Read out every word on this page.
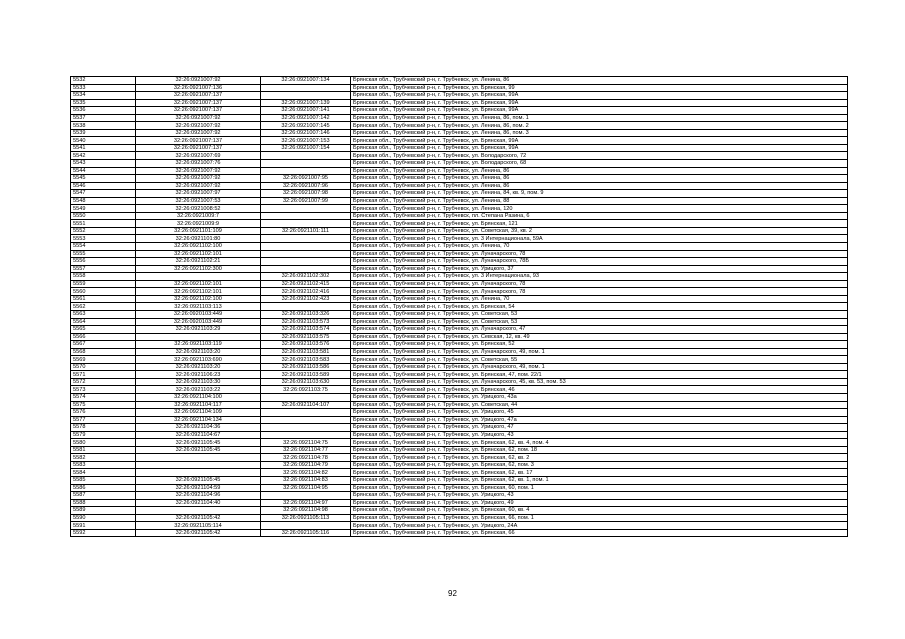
5532	32:26:0921007:92	32:26:0921007:134	Брянская обл., Трубчевский р-н, г. Трубчевск, ул. Ленина, 86
5533	32:26:0921007:136		Брянская обл., Трубчевский р-н, г. Трубчевск, ул. Брянская, 99
5534	32:26:0921007:137		Брянская обл., Трубчевский р-н, г. Трубчевск, ул. Брянская, 99А
5535	32:26:0921007:137	32:26:0921007:139	Брянская обл., Трубчевский р-н, г. Трубчевск, ул. Брянская, 99А
5536	32:26:0921007:137	32:26:0921007:141	Брянская обл., Трубчевский р-н, г. Трубчевск, ул. Брянская, 99А
5537	32:26:0921007:92	32:26:0921007:142	Брянская обл., Трубчевский р-н, г. Трубчевск, ул. Ленина, 86, пом. 1
5538	32:26:0921007:92	32:26:0921007:145	Брянская обл., Трубчевский р-н, г. Трубчевск, ул. Ленина, 86, пом. 2
5539	32:26:0921007:92	32:26:0921007:146	Брянская обл., Трубчевский р-н, г. Трубчевск, ул. Ленина, 86, пом. 3
5540	32:26:0921007:137	32:26:0921007:153	Брянская обл., Трубчевский р-н, г. Трубчевск, ул. Брянская, 99А
5541	32:26:0921007:137	32:26:0921007:154	Брянская обл., Трубчевский р-н, г. Трубчевск, ул. Брянская, 99А
5542	32:26:0921007:69		Брянская обл., Трубчевский р-н, г. Трубчевск, ул. Володарского, 72
5543	32:26:0921007:76		Брянская обл., Трубчевский р-н, г. Трубчевск, ул. Володарского, 68
5544	32:26:0921007:92		Брянская обл., Трубчевский р-н, г. Трубчевск, ул. Ленина, 86
5545	32:26:0921007:92	32:26:0921007:95	Брянская обл., Трубчевский р-н, г. Трубчевск, ул. Ленина, 86
5546	32:26:0921007:92	32:26:0921007:96	Брянская обл., Трубчевский р-н, г. Трубчевск, ул. Ленина, 86
5547	32:26:0921007:97	32:26:0921007:98	Брянская обл., Трубчевский р-н, г. Трубчевск, ул. Ленина, 84, кв. 9, пом. 9
5548	32:26:0921007:53	32:26:0921007:99	Брянская обл., Трубчевский р-н, г. Трубчевск, ул. Ленина, 88
5549	32:26:0921008:52		Брянская обл., Трубчевский р-н, г. Трубчевск, ул. Ленина, 120
5550	32:26:0921009:7		Брянская обл., Трубчевский р-н, г. Трубчевск, пл. Степана Разина, 6
5551	32:26:0921009:9		Брянская обл., Трубчевский р-н, г. Трубчевск, ул. Брянская, 121
5552	32:26:0921101:109	32:26:0921101:111	Брянская обл., Трубчевский р-н, г. Трубчевск, ул. Советская, 39, кв. 2
5553	32:26:0921101:80		Брянская обл., Трубчевский р-н, г. Трубчевск, ул. 3 Интернационала, 59А
5554	32:26:0921102:100		Брянская обл., Трубчевский р-н, г. Трубчевск, ул. Ленина, 70
5555	32:26:0921102:101		Брянская обл., Трубчевский р-н, г. Трубчевск, ул. Луначарского, 78
5556	32:26:0921102:21		Брянская обл., Трубчевский р-н, г. Трубчевск, ул. Луначарского, 78Б
5557	32:26:0921102:300		Брянская обл., Трубчевский р-н, г. Трубчевск, ул. Урицкого, 37
5558		32:26:0921102:302	Брянская обл., Трубчевский р-н, г. Трубчевск, ул. 3 Интернационала, 93
5559	32:26:0921102:101	32:26:0921102:415	Брянская обл., Трубчевский р-н, г. Трубчевск, ул. Луначарского, 78
5560	32:26:0921102:101	32:26:0921102:416	Брянская обл., Трубчевский р-н, г. Трубчевск, ул. Луначарского, 78
5561	32:26:0921102:100	32:26:0921102:423	Брянская обл., Трубчевский р-н, г. Трубчевск, ул. Ленина, 70
5562	32:26:0921103:113		Брянская обл., Трубчевский р-н, г. Трубчевск, ул. Брянская, 54
5563	32:26:0920103:449	32:26:0921103:326	Брянская обл., Трубчевский р-н, г. Трубчевск, ул. Советская, 53
5564	32:26:0920103:449	32:26:0921103:573	Брянская обл., Трубчевский р-н, г. Трубчевск, ул. Советская, 53
5565	32:26:0921103:29	32:26:0921103:574	Брянская обл., Трубчевский р-н, г. Трубчевск, ул. Луначарского, 47
5566		32:26:0921103:575	Брянская обл., Трубчевский р-н, г. Трубчевск, ул. Севская, 12, кв. 49
5567	32:26:0921103:119	32:26:0921103:576	Брянская обл., Трубчевский р-н, г. Трубчевск, ул. Брянская, 52
5568	32:26:0921103:20	32:26:0921103:581	Брянская обл., Трубчевский р-н, г. Трубчевск, ул. Луначарского, 49, пом. 1
5569	32:26:0921103:690	32:26:0921103:583	Брянская обл., Трубчевский р-н, г. Трубчевск, ул. Советская, 55
5570	32:26:0921103:20	32:26:0921103:586	Брянская обл., Трубчевский р-н, г. Трубчевск, ул. Луначарского, 49, пом. 1
5571	32:26:0921106:23	32:26:0921103:589	Брянская обл., Трубчевский р-н, г. Трубчевск, ул. Брянская, 47, пом. 22/1
5572	32:26:0921103:30	32:26:0921103:630	Брянская обл., Трубчевский р-н, г. Трубчевск, ул. Луначарского, 45, кв. 53, пом. 53
5573	32:26:0921103:22	32:26:0921103:75	Брянская обл., Трубчевский р-н, г. Трубчевск, ул. Брянская, 46
5574	32:26:0921104:100		Брянская обл., Трубчевский р-н, г. Трубчевск, ул. Урицкого, 43а
5575	32:26:0921104:117	32:26:0921104:107	Брянская обл., Трубчевский р-н, г. Трубчевск, ул. Советская, 44
5576	32:26:0921104:109		Брянская обл., Трубчевский р-н, г. Трубчевск, ул. Урицкого, 45
5577	32:26:0921104:134		Брянская обл., Трубчевский р-н, г. Трубчевск, ул. Урицкого, 47а
5578	32:26:0921104:36		Брянская обл., Трубчевский р-н, г. Трубчевск, ул. Урицкого, 47
5579	32:26:0921104:67		Брянская обл., Трубчевский р-н, г. Трубчевск, ул. Урицкого, 43
5580	32:26:0921105:45	32:26:0921104:75	Брянская обл., Трубчевский р-н, г. Трубчевск, ул. Брянская, 62, кв. 4, пом. 4
5581	32:26:0921105:45	32:26:0921104:77	Брянская обл., Трубчевский р-н, г. Трубчевск, ул. Брянская, 62, пом. 18
5582		32:26:0921104:78	Брянская обл., Трубчевский р-н, г. Трубчевск, ул. Брянская, 62, кв. 2
5583		32:26:0921104:79	Брянская обл., Трубчевский р-н, г. Трубчевск, ул. Брянская, 62, пом. 3
5584		32:26:0921104:82	Брянская обл., Трубчевский р-н, г. Трубчевск, ул. Брянская, 62, кв. 17
5585	32:26:0921105:45	32:26:0921104:83	Брянская обл., Трубчевский р-н, г. Трубчевск, ул. Брянская, 62, кв. 1, пом. 1
5586	32:26:0921104:59	32:26:0921104:95	Брянская обл., Трубчевский р-н, г. Трубчевск, ул. Брянская, 60, пом. 1
5587	32:26:0921104:96		Брянская обл., Трубчевский р-н, г. Трубчевск, ул. Урицкого, 43
5588	32:26:0921104:40	32:26:0921104:97	Брянская обл., Трубчевский р-н, г. Трубчевск, ул. Урицкого, 49
5589		32:26:0921104:98	Брянская обл., Трубчевский р-н, г. Трубчевск, ул. Брянская, 60, кв. 4
5590	32:26:0921105:42	32:26:0921105:113	Брянская обл., Трубчевский р-н, г. Трубчевск, ул. Брянская, 66, пом. 1
5591	32:26:0921105:114		Брянская обл., Трубчевский р-н, г. Трубчевск, ул. Урицкого, 24А
5592	32:26:0921105:42	32:26:0921105:116	Брянская обл., Трубчевский р-н, г. Трубчевск, ул. Брянская, 66
92
